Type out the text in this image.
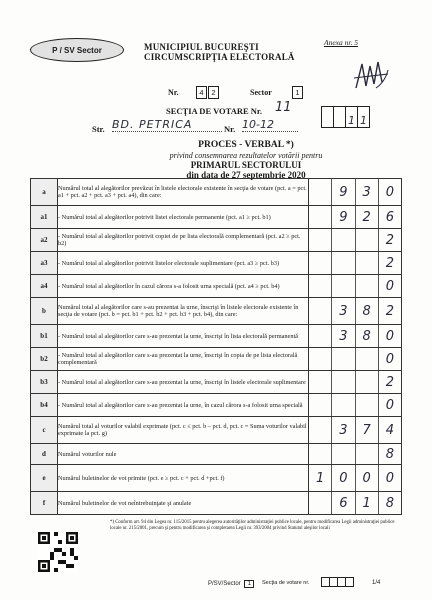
P / SV Sector	MUNICIPIUL BUCUREŞTI
CIRCUMSCRIPŢIA ELECTORALĂ
Anexa nr. 5
Nr.	4	2	Sector	1
SECŢIA DE VOTARE Nr. 11
1 1
Str. BD. PETRICA	Nr. 10-12
PROCES - VERBAL *)
privind consemnarea rezultatelor votării pentru
PRIMARUL SECTORULUI
din data de 27 septembrie 2020
a	Numărul total al alegătorilor prevăzut în listele electorale existente în secţia de votare (pct. a = pct. a1 + pct. a2 + pct. a3 + pct. a4), din care:	9 3 0

a1	- Numărul total al alegătorilor potrivit listei electorale permanente (pct. a1 ≥ pct. b1)	9 2 6

a2	- Numărul total al alegătorilor potrivit copiei de pe lista electorală complementară (pct. a2 ≥ pct. b2)	2

a3	- Numărul total al alegătorilor potrivit listelor electorale suplimentare (pct. a3 ≥ pct. b3)	2

a4	- Numărul total al alegătorilor în cazul cărora s-a folosit urna specială (pct. a4 ≥ pct. b4)	0

b	Numărul total al alegătorilor care s-au prezentat la urne, înscrişi în listele electorale existente în secţia de votare (pct. b = pct. b1 + pct. b2 + pct. b3 + pct. b4), din care:	3 8 2

b1	- Numărul total al alegătorilor care s-au prezentat la urne, înscrişi în lista electorală permanentă	3 8 0

b2	- Numărul total al alegătorilor care s-au prezentat la urne, înscrişi în copia de pe lista electorală complementară	0

b3	- Numărul total al alegătorilor care s-au prezentat la urne, înscrişi în listele electorale suplimentare	2

b4	- Numărul total al alegătorilor care s-au prezentat la urne, în cazul cărora s-a folosit urna specială	0

c	Numărul total al voturilor valabil exprimate (pct. c ≤ pct. b – pct. d, pct. c = Suma voturilor valabil exprimate la pct. g)	3 7 4

d	Numărul voturilor nule	8

e	Numărul buletinelor de vot primite (pct. e ≥ pct. c + pct. d +pct. f)	1 0 0 0

f	Numărul buletinelor de vot neîntrebuinţate şi anulate	6 1 8
*) Conform art. 94 din Legea nr. 115/2015 pentru alegerea autorităţilor administraţiei publice locale, pentru modificarea Legii administraţiei publice locale nr. 215/2001, precum şi pentru modificarea şi completarea Legii nr. 393/2004 privind Statutul aleşilor locali
P/SV/Sector 1	Secţia de votare nr.	1/4
